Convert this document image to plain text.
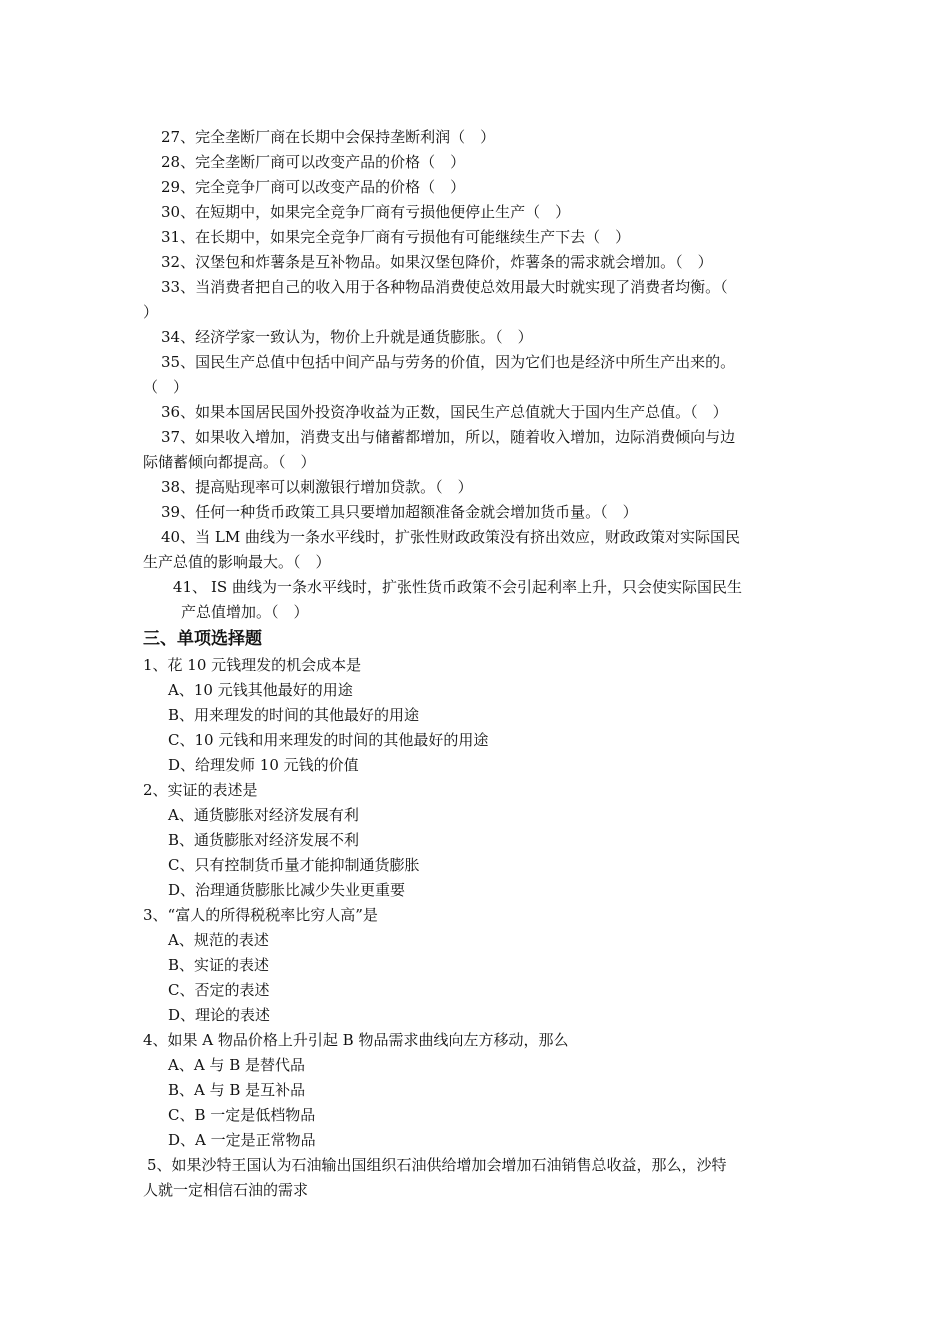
27、完全垄断厂商在长期中会保持垄断利润（　）
28、完全垄断厂商可以改变产品的价格（　）
29、完全竞争厂商可以改变产品的价格（　）
30、在短期中，如果完全竞争厂商有亏损他便停止生产（　）
31、在长期中，如果完全竞争厂商有亏损他有可能继续生产下去（　）
32、汉堡包和炸薯条是互补物品。如果汉堡包降价，炸薯条的需求就会增加。（　）
33、当消费者把自己的收入用于各种物品消费使总效用最大时就实现了消费者均衡。（
）
34、经济学家一致认为，物价上升就是通货膨胀。（　）
35、国民生产总值中包括中间产品与劳务的价值，因为它们也是经济中所生产出来的。
（　）
36、如果本国居民国外投资净收益为正数，国民生产总值就大于国内生产总值。（　）
37、如果收入增加，消费支出与储蓄都增加，所以，随着收入增加，边际消费倾向与边
际储蓄倾向都提高。（　）
38、提高贴现率可以刺激银行增加贷款。（　）
39、任何一种货币政策工具只要增加超额准备金就会增加货币量。（　）
40、当 LM 曲线为一条水平线时，扩张性财政政策没有挤出效应，财政政策对实际国民
生产总值的影响最大。（　）
41、 IS 曲线为一条水平线时，扩张性货币政策不会引起利率上升，只会使实际国民生
产总值增加。（　）
三、单项选择题
1、花 10 元钱理发的机会成本是
A、10 元钱其他最好的用途
B、用来理发的时间的其他最好的用途
C、10 元钱和用来理发的时间的其他最好的用途
D、给理发师 10 元钱的价值
2、实证的表述是
A、通货膨胀对经济发展有利
B、通货膨胀对经济发展不利
C、只有控制货币量才能抑制通货膨胀
D、治理通货膨胀比减少失业更重要
3、“富人的所得税税率比穷人高”是
A、规范的表述
B、实证的表述
C、否定的表述
D、理论的表述
4、如果 A 物品价格上升引起 B 物品需求曲线向左方移动，那么
A、A 与 B 是替代品
B、A 与 B 是互补品
C、B 一定是低档物品
D、A 一定是正常物品
5、如果沙特王国认为石油输出国组织石油供给增加会增加石油销售总收益，那么，沙特
人就一定相信石油的需求
